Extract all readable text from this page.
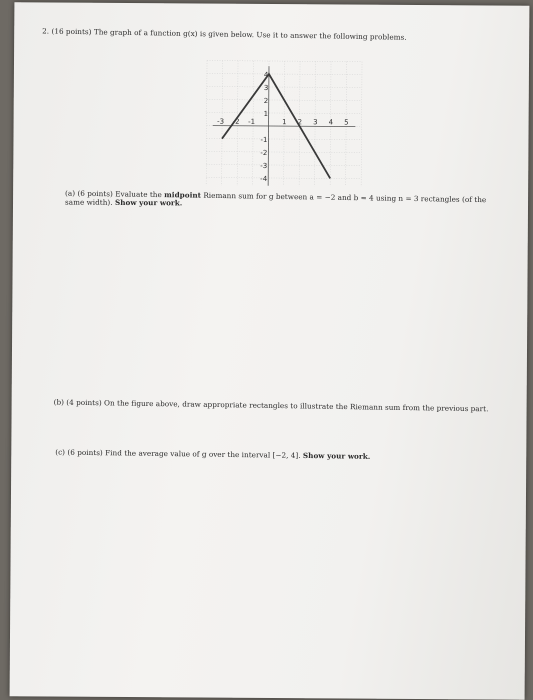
2. (16 points) The graph of a function g(x) is given below. Use it to answer the following problems.
-3 -2 -1	1 2 3 4 5
4
3
2
1
-1
-2
-3
-4
(a) (6 points) Evaluate the midpoint Riemann sum for g between a = −2 and b = 4 using n = 3 rectangles (of the
same width). Show your work.
(b) (4 points) On the figure above, draw appropriate rectangles to illustrate the Riemann sum from the previous part.
(c) (6 points) Find the average value of g over the interval [−2, 4]. Show your work.
